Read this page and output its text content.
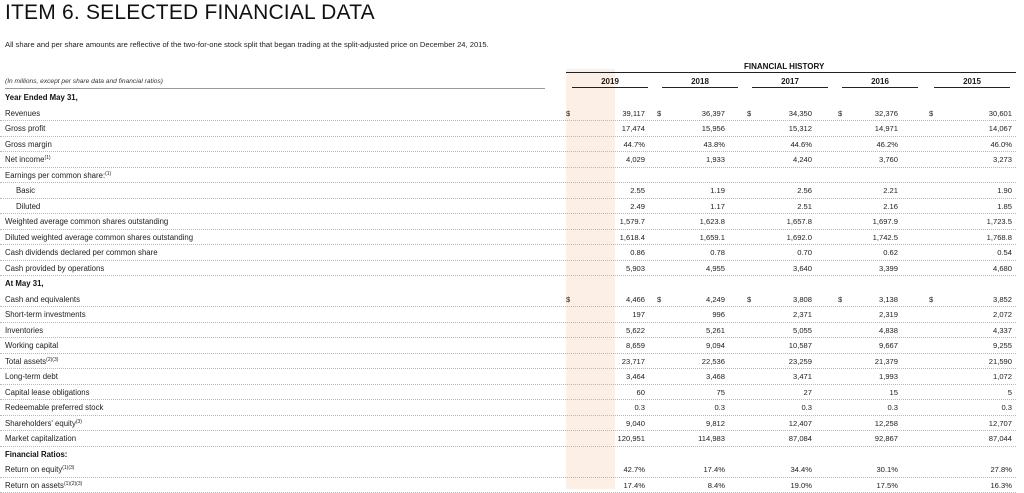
ITEM 6. SELECTED FINANCIAL DATA
All share and per share amounts are reflective of the two-for-one stock split that began trading at the split-adjusted price on December 24, 2015.
FINANCIAL HISTORY
(In millions, except per share data and financial ratios)	2019	2018	2017	2016	2015
Year Ended May 31,
Revenues	$	39,117 $	36,397	$	34,350	$	32,376	$	30,601
Gross profit	17,474	15,956	15,312	14,971	14,067
Gross margin	44.7%	43.8%	44.6%	46.2%	46.0%
Net income$^{(1)}$	4,029	1,933	4,240	3,760	3,273
Earnings per common share:$^{(1)}$
Basic	2.55	1.19	2.56	2.21	1.90
Diluted	2.49	1.17	2.51	2.16	1.85
Weighted average common shares outstanding	1,579.7	1,623.8	1,657.8	1,697.9	1,723.5
Diluted weighted average common shares outstanding	1,618.4	1,659.1	1,692.0	1,742.5	1,768.8
Cash dividends declared per common share	0.86	0.78	0.70	0.62	0.54
Cash provided by operations	5,903	4,955	3,640	3,399	4,680
At May 31,
Cash and equivalents	$	4,466 $	4,249	$	3,808	$	3,138	$	3,852
Short-term investments	197	996	2,371	2,319	2,072
Inventories	5,622	5,261	5,055	4,838	4,337
Working capital	8,659	9,094	10,587	9,667	9,255
Total assets$^{(2)(3)}$	23,717	22,536	23,259	21,379	21,590
Long-term debt	3,464	3,468	3,471	1,993	1,072
Capital lease obligations	60	75	27	15	5
Redeemable preferred stock	0.3	0.3	0.3	0.3	0.3
Shareholders' equity$^{(3)}$	9,040	9,812	12,407	12,258	12,707
Market capitalization	120,951	114,983	87,084	92,867	87,044
Financial Ratios:
Return on equity$^{(1)(3)}$	42.7%	17.4%	34.4%	30.1%	27.8%
Return on assets$^{(1)(2)(3)}$	17.4%	8.4%	19.0%	17.5%	16.3%
